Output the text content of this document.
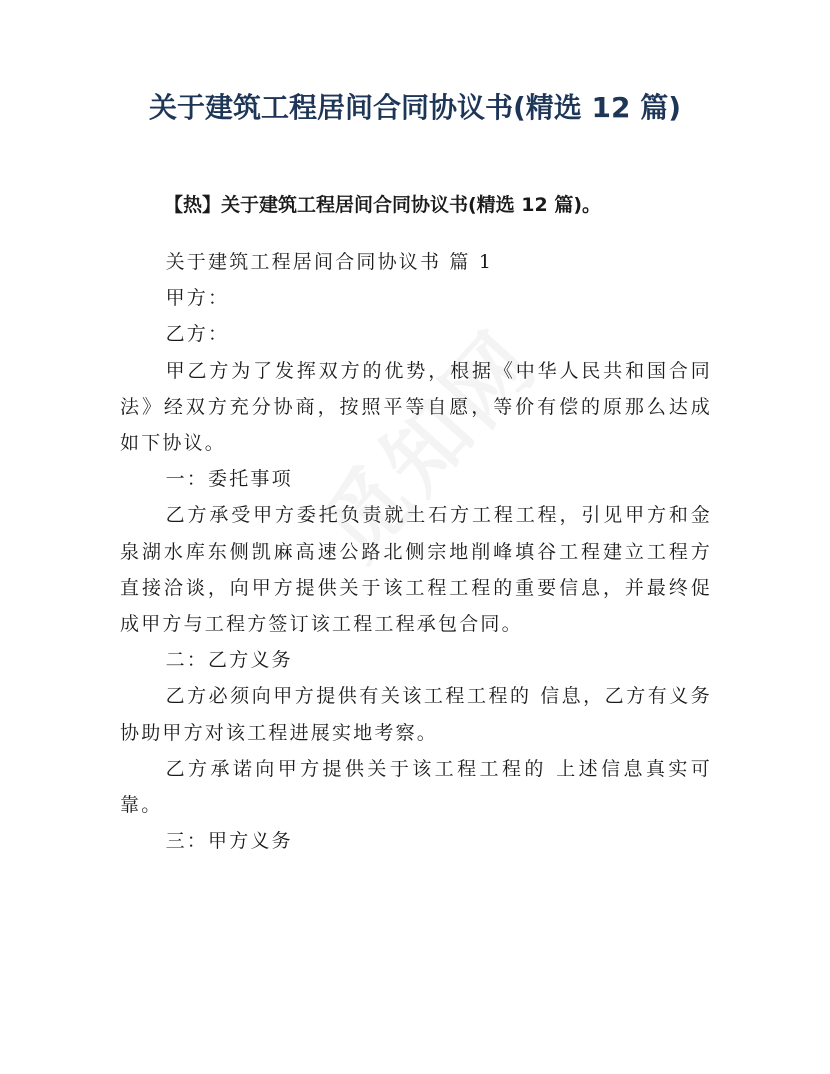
关于建筑工程居间合同协议书(精选 12 篇)
【热】关于建筑工程居间合同协议书(精选 12 篇)。

关于建筑工程居间合同协议书 篇 1

甲方：

乙方：

甲乙方为了发挥双方的优势，根据《中华人民共和国合同法》经双方充分协商，按照平等自愿，等价有偿的原那么达成如下协议。

一：委托事项

乙方承受甲方委托负责就土石方工程工程，引见甲方和金泉湖水库东侧凯麻高速公路北侧宗地削峰填谷工程建立工程方直接洽谈，向甲方提供关于该工程工程的重要信息，并最终促成甲方与工程方签订该工程工程承包合同。

二：乙方义务

乙方必须向甲方提供有关该工程工程的 信息，乙方有义务协助甲方对该工程进展实地考察。

乙方承诺向甲方提供关于该工程工程的 上述信息真实可靠。

三：甲方义务
